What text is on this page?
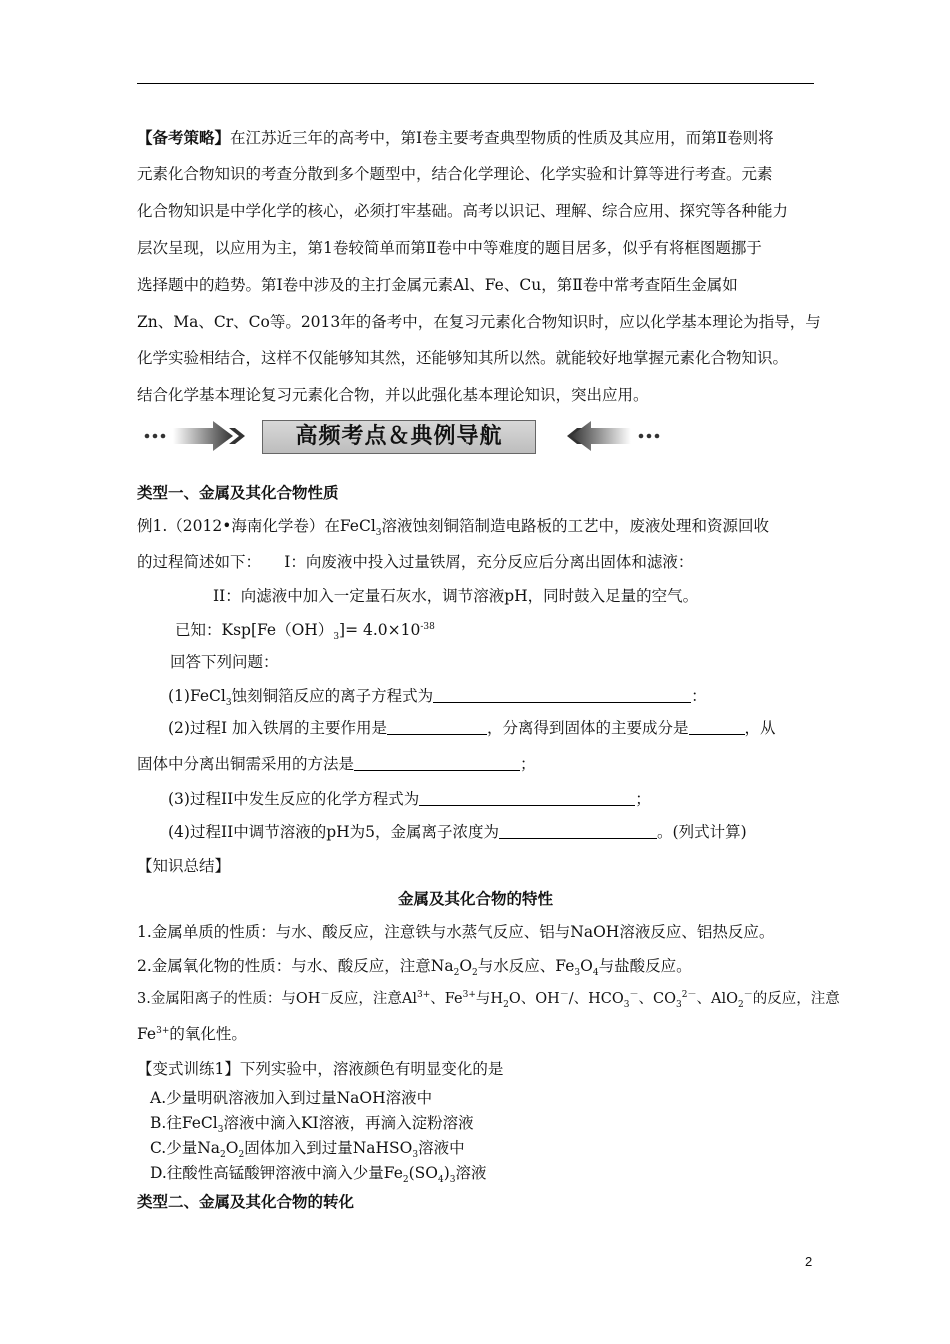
【备考策略】在江苏近三年的高考中，第Ⅰ卷主要考查典型物质的性质及其应用，而第Ⅱ卷则将
元素化合物知识的考查分散到多个题型中，结合化学理论、化学实验和计算等进行考查。元素
化合物知识是中学化学的核心，必须打牢基础。高考以识记、理解、综合应用、探究等各种能力
层次呈现，以应用为主，第1卷较简单而第Ⅱ卷中中等难度的题目居多，似乎有将框图题挪于
选择题中的趋势。第Ⅰ卷中涉及的主打金属元素Al、Fe、Cu，第Ⅱ卷中常考查陌生金属如
Zn、Ma、Cr、Co等。2013年的备考中，在复习元素化合物知识时，应以化学基本理论为指导，与
化学实验相结合，这样不仅能够知其然，还能够知其所以然。就能较好地掌握元素化合物知识。
结合化学基本理论复习元素化合物，并以此强化基本理论知识，突出应用。
高频考点＆典例导航
类型一、金属及其化合物性质
例1.（2012•海南化学卷）在FeCl$_3$溶液蚀刻铜箔制造电路板的工艺中，废液处理和资源回收
的过程简述如下：　　I：向废液中投入过量铁屑，充分反应后分离出固体和滤液：
II：向滤液中加入一定量石灰水，调节溶液pH，同时鼓入足量的空气。
已知：$Ksp[Fe(OH)_3]= 4.0\times 10^{-38}$
回答下列问题：
(1)FeCl$_3$蚀刻铜箔反应的离子方程式为	：
(2)过程I 加入铁屑的主要作用是	，分离得到固体的主要成分是	，从
固体中分离出铜需采用的方法是	；
(3)过程II中发生反应的化学方程式为	；
(4)过程II中调节溶液的pH为5，金属离子浓度为	。(列式计算)
【知识总结】
金属及其化合物的特性
1.金属单质的性质：与水、酸反应，注意铁与水蒸气反应、铝与NaOH溶液反应、铝热反应。
2.金属氧化物的性质：与水、酸反应，注意$Na_2O_2$与水反应、$Fe_3O_4$与盐酸反应。
3.金属阳离子的性质：与OH－反应，注意$Al^{3+}$、$Fe^{3+}$与$H_2O$、OH－/、$HCO_3^-$、$CO_3^{2-}$、AlO$_2$－的反应，注意
$Fe^{3+}$的氧化性。
【变式训练1】下列实验中，溶液颜色有明显变化的是
A.少量明矾溶液加入到过量NaOH溶液中
B.往FeCl$_3$溶液中滴入KI溶液，再滴入淀粉溶液
C.少量$Na_2O_2$固体加入到过量NaHSO$_3$溶液中
D.往酸性高锰酸钾溶液中滴入少量$Fe_2(SO_4)_3$溶液
类型二、金属及其化合物的转化
2
